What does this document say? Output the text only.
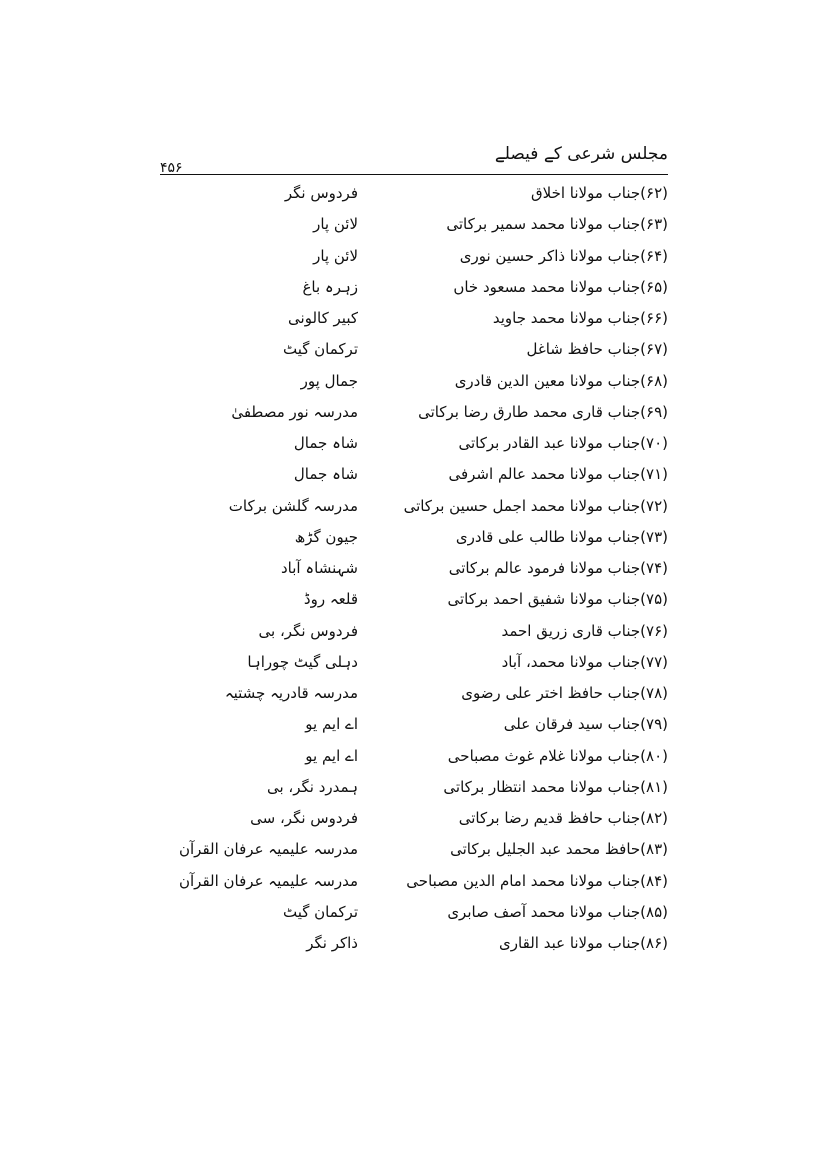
مجلس شرعی کے فیصلے
۴۵۶
(۶۲)جناب مولانا اخلاق
فردوس نگر
(۶۳)جناب مولانا محمد سمیر برکاتی
لائن پار
(۶۴)جناب مولانا ذاکر حسین نوری
لائن پار
(۶۵)جناب مولانا محمد مسعود خاں
زہرہ باغ
(۶۶)جناب مولانا محمد جاوید
کبیر کالونی
(۶۷)جناب حافظ شاغل
ترکمان گیٹ
(۶۸)جناب مولانا معین الدین قادری
جمال پور
(۶۹)جناب قاری محمد طارق رضا برکاتی
مدرسہ نور مصطفیٰ
(۷۰)جناب مولانا عبد القادر برکاتی
شاہ جمال
(۷۱)جناب مولانا محمد عالم اشرفی
شاہ جمال
(۷۲)جناب مولانا محمد اجمل حسین برکاتی
مدرسہ گلشن برکات
(۷۳)جناب مولانا طالب علی قادری
جیون گڑھ
(۷۴)جناب مولانا فرمود عالم برکاتی
شہنشاہ آباد
(۷۵)جناب مولانا شفیق احمد برکاتی
قلعہ روڈ
(۷۶)جناب قاری زریق احمد
فردوس نگر، بی
(۷۷)جناب مولانا محمد، آباد
دہلی گیٹ چوراہا
(۷۸)جناب حافظ اختر علی رضوی
مدرسہ قادریہ چشتیہ
(۷۹)جناب سید فرقان علی
اے ایم یو
(۸۰)جناب مولانا غلام غوث مصباحی
اے ایم یو
(۸۱)جناب مولانا محمد انتظار برکاتی
ہمدرد نگر، بی
(۸۲)جناب حافظ قدیم رضا برکاتی
فردوس نگر، سی
(۸۳)حافظ محمد عبد الجلیل برکاتی
مدرسہ علیمیہ عرفان القرآن
(۸۴)جناب مولانا محمد امام الدین مصباحی
مدرسہ علیمیہ عرفان القرآن
(۸۵)جناب مولانا محمد آصف صابری
ترکمان گیٹ
(۸۶)جناب مولانا عبد القاری
ذاکر نگر
